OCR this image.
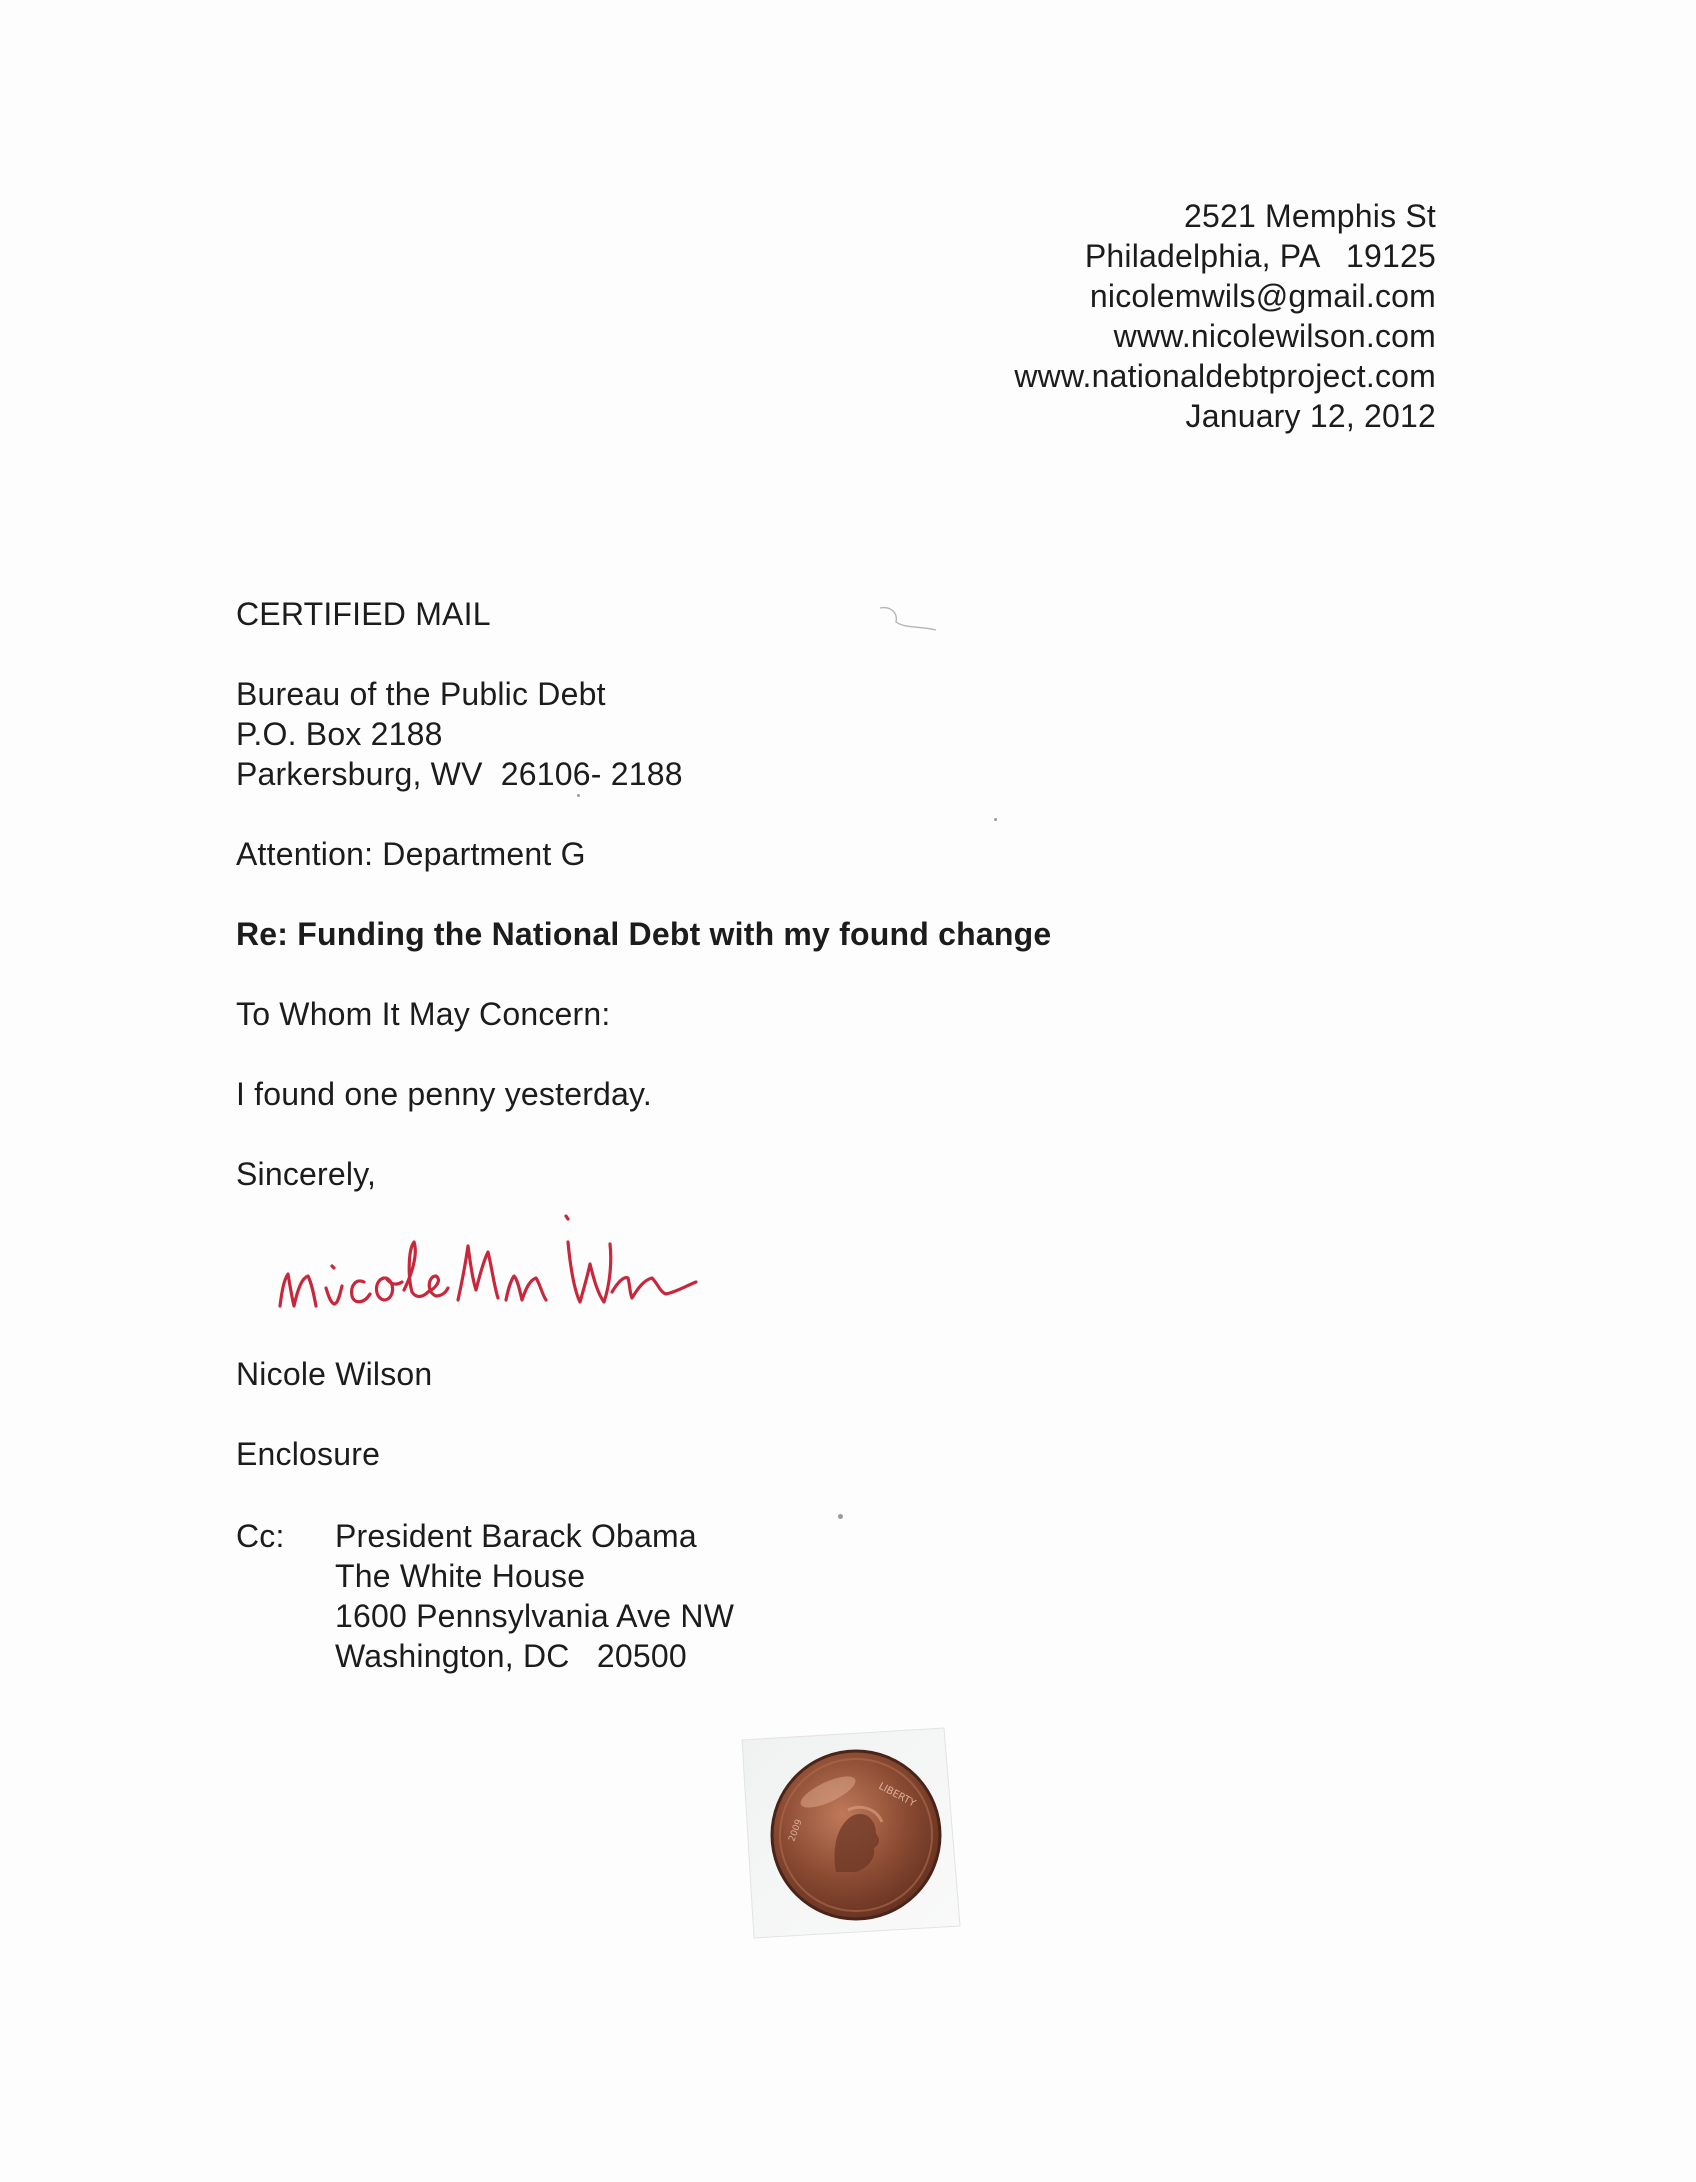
2521 Memphis St
Philadelphia, PA   19125
nicolemwils@gmail.com
www.nicolewilson.com
www.nationaldebtproject.com
January 12, 2012
CERTIFIED MAIL
Bureau of the Public Debt
P.O. Box 2188
Parkersburg, WV  26106- 2188
Attention: Department G
Re: Funding the National Debt with my found change
To Whom It May Concern:
I found one penny yesterday.
Sincerely,
Nicole Wilson
Enclosure
Cc: President Barack Obama
The White House
1600 Pennsylvania Ave NW
Washington, DC   20500
LIBERTY
2009
